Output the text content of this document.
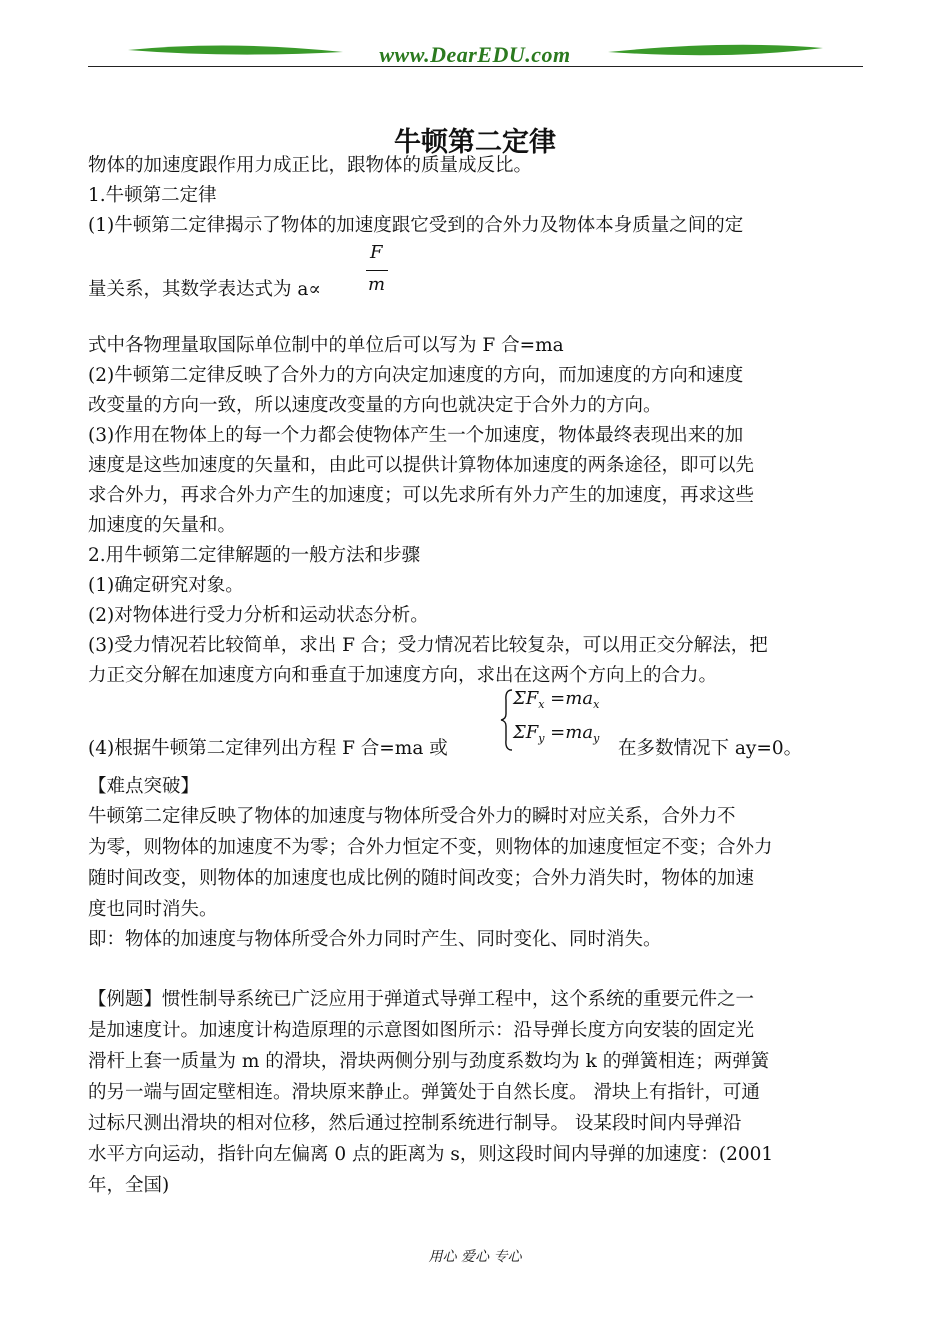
www.DearEDU.com
牛顿第二定律
物体的加速度跟作用力成正比，跟物体的质量成反比。
1.牛顿第二定律
(1)牛顿第二定律揭示了物体的加速度跟它受到的合外力及物体本身质量之间的定
量关系，其数学表达式为 a∝
F
m
式中各物理量取国际单位制中的单位后可以写为 F 合=ma
(2)牛顿第二定律反映了合外力的方向决定加速度的方向，而加速度的方向和速度
改变量的方向一致，所以速度改变量的方向也就决定于合外力的方向。
(3)作用在物体上的每一个力都会使物体产生一个加速度，物体最终表现出来的加
速度是这些加速度的矢量和，由此可以提供计算物体加速度的两条途径，即可以先
求合外力，再求合外力产生的加速度；可以先求所有外力产生的加速度，再求这些
加速度的矢量和。
2.用牛顿第二定律解题的一般方法和步骤
(1)确定研究对象。
(2)对物体进行受力分析和运动状态分析。
(3)受力情况若比较简单，求出 F 合；受力情况若比较复杂，可以用正交分解法，把
力正交分解在加速度方向和垂直于加速度方向，求出在这两个方向上的合力。
(4)根据牛顿第二定律列出方程 F 合=ma 或
$\Sigma F_x =ma_x$
$\Sigma F_y =ma_y$ 在多数情况下 ay=0。
【难点突破】
牛顿第二定律反映了物体的加速度与物体所受合外力的瞬时对应关系，合外力不
为零，则物体的加速度不为零；合外力恒定不变，则物体的加速度恒定不变；合外力
随时间改变，则物体的加速度也成比例的随时间改变；合外力消失时，物体的加速
度也同时消失。
即：物体的加速度与物体所受合外力同时产生、同时变化、同时消失。
【例题】惯性制导系统已广泛应用于弹道式导弹工程中，这个系统的重要元件之一
是加速度计。加速度计构造原理的示意图如图所示：沿导弹长度方向安装的固定光
滑杆上套一质量为 m 的滑块，滑块两侧分别与劲度系数均为 k 的弹簧相连；两弹簧
的另一端与固定壁相连。滑块原来静止。弹簧处于自然长度。 滑块上有指针，可通
过标尺测出滑块的相对位移，然后通过控制系统进行制导。 设某段时间内导弹沿
水平方向运动，指针向左偏离 0 点的距离为 s，则这段时间内导弹的加速度：(2001
年，全国)
用心 爱心 专心
